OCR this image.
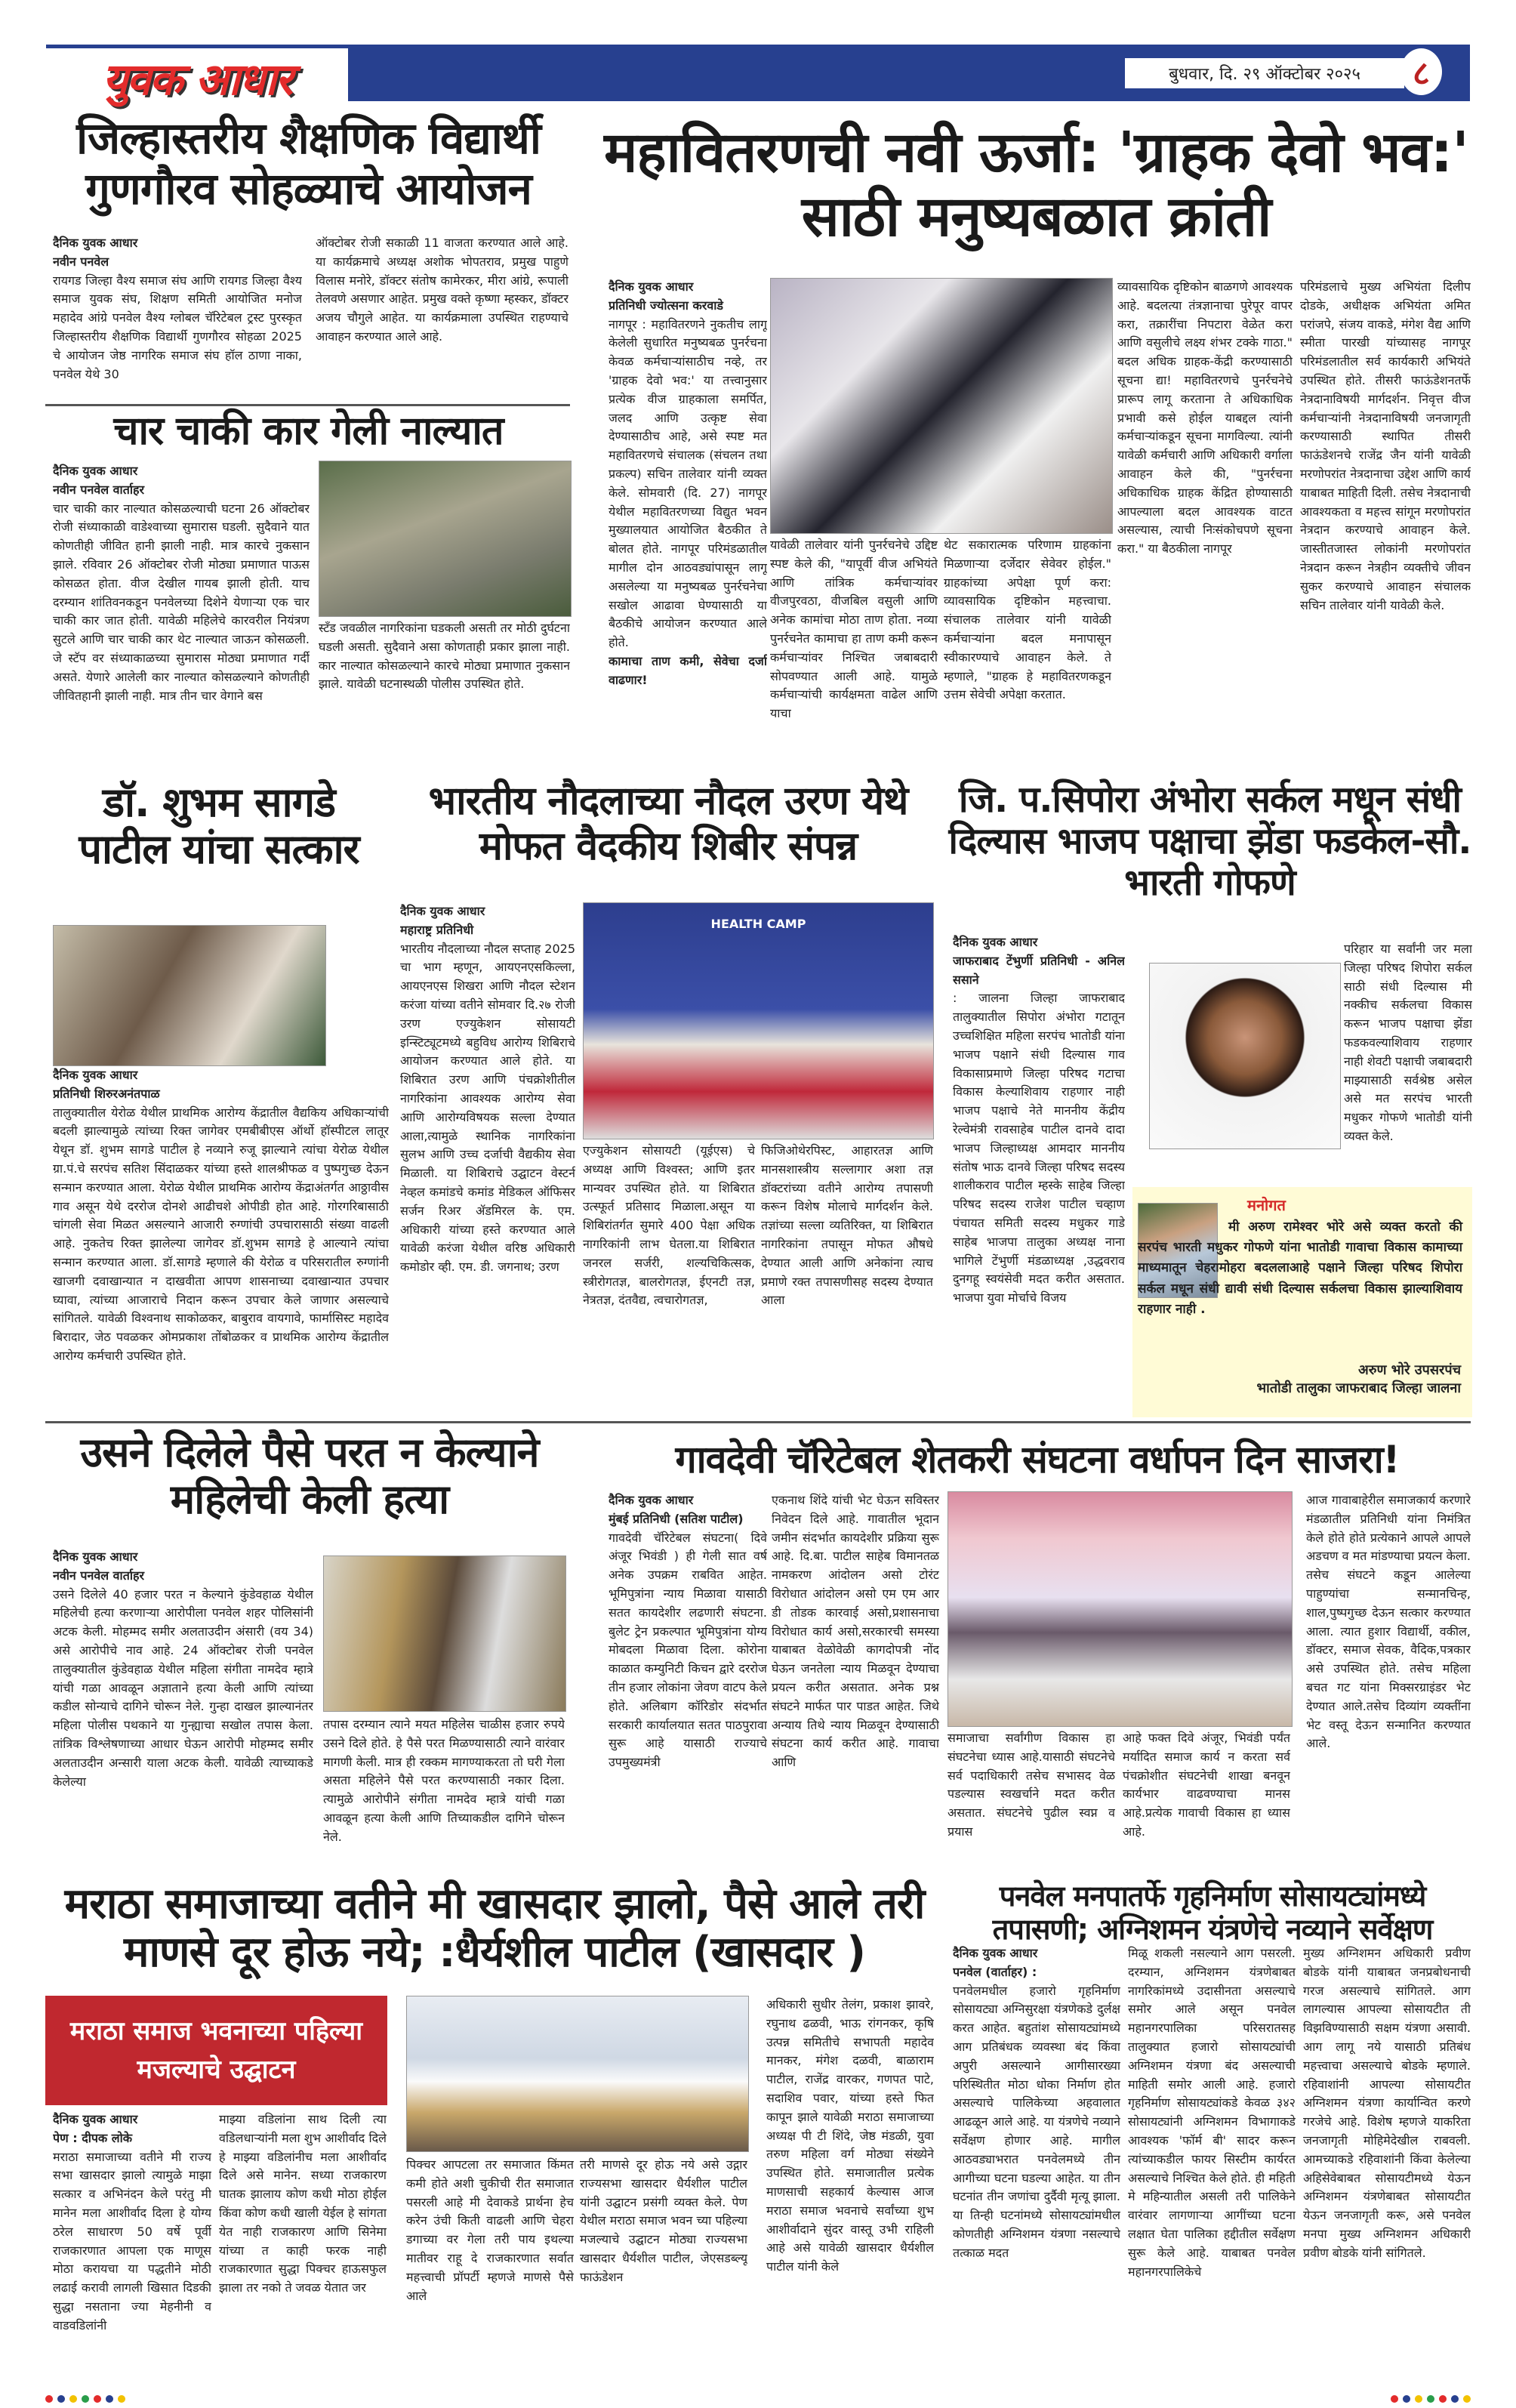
युवक आधार	बुधवार, दि. २९ ऑक्टोबर २०२५	८
जिल्हास्तरीय शैक्षणिक विद्यार्थी गुणगौरव सोहळ्याचे आयोजन
दैनिक युवक आधार
नवीन पनवेल
रायगड जिल्हा वैश्य समाज संघ आणि रायगड जिल्हा वैश्य समाज युवक संघ, शिक्षण समिती आयोजित मनोज महादेव आंग्रे पनवेल वैश्य ग्लोबल चॅरिटेबल ट्रस्ट पुरस्कृत जिल्हास्तरीय शैक्षणिक विद्यार्थी गुणगौरव सोहळा 2025 चे आयोजन जेष्ठ नागरिक समाज संघ हॉल ठाणा नाका, पनवेल येथे 30
ऑक्टोबर रोजी सकाळी 11 वाजता करण्यात आले आहे. या कार्यक्रमाचे अध्यक्ष अशोक भोपतराव, प्रमुख पाहुणे विलास मनोरे, डॉक्टर संतोष कामेरकर, मीरा आंग्रे, रूपाली तेलवणे असणार आहेत. प्रमुख वक्ते कृष्णा म्हस्कर, डॉक्टर अजय चौगुले आहेत. या कार्यक्रमाला उपस्थित राहण्याचे आवाहन करण्यात आले आहे.
चार चाकी कार गेली नाल्यात
दैनिक युवक आधार
नवीन पनवेल वार्ताहर
चार चाकी कार नाल्यात कोसळल्याची घटना 26 ऑक्टोबर रोजी संध्याकाळी वाडेश्वाच्या सुमारास घडली. सुदैवाने यात कोणतीही जीवित हानी झाली नाही. मात्र कारचे नुकसान झाले. रविवार 26 ऑक्टोबर रोजी मोठ्या प्रमाणात पाऊस कोसळत होता. वीज देखील गायब झाली होती. याच दरम्यान शांतिवनकडून पनवेलच्या दिशेने येणाऱ्या एक चार चाकी कार जात होती. यावेळी महिलेचे कारवरील नियंत्रण सुटले आणि चार चाकी कार थेट नाल्यात जाऊन कोसळली. जे स्टॅप वर संध्याकाळच्या सुमारास मोठ्या प्रमाणात गर्दी असते. येणारे आलेली कार नाल्यात कोसळल्याने कोणतीही जीवितहानी झाली नाही. मात्र तीन चार वेगाने बस
स्टँड जवळील नागरिकांना घडकली असती तर मोठी दुर्घटना घडली असती. सुदैवाने असा कोणताही प्रकार झाला नाही. कार नाल्यात कोसळल्याने कारचे मोठ्या प्रमाणात नुकसान झाले. यावेळी घटनास्थळी पोलीस उपस्थित होते.
महावितरणची नवी ऊर्जा: 'ग्राहक देवो भव:' साठी मनुष्यबळात क्रांती
दैनिक युवक आधार
प्रतिनिधी ज्योत्सना करवाडे
नागपूर : महावितरणने नुकतीच लागू केलेली सुधारित मनुष्यबळ पुनर्रचना केवळ कर्मचाऱ्यांसाठीच नव्हे, तर 'ग्राहक देवो भव:' या तत्त्वानुसार प्रत्येक वीज ग्राहकाला समर्पित, जलद आणि उत्कृष्ट सेवा देण्यासाठीच आहे, असे स्पष्ट मत महावितरणचे संचालक (संचलन तथा प्रकल्प) सचिन तालेवार यांनी व्यक्त केले. सोमवारी (दि. 27) नागपूर येथील महावितरणच्या विद्युत भवन मुख्यालयात आयोजित बैठकीत ते बोलत होते. नागपूर परिमंडळातील मागील दोन आठवड्यांपासून लागू असलेल्या या मनुष्यबळ पुनर्रचनेचा सखोल आढावा घेण्यासाठी या बैठकीचे आयोजन करण्यात आले होते.
कामाचा ताण कमी, सेवेचा दर्जा वाढणार!
यावेळी तालेवार यांनी पुनर्रचनेचे उद्दिष्ट स्पष्ट केले की, "यापूर्वी वीज अभियंते आणि तांत्रिक कर्मचाऱ्यांवर वीजपुरवठा, वीजबिल वसुली आणि अनेक कामांचा मोठा ताण होता. नव्या पुनर्रचनेत कामाचा हा ताण कमी करून कर्मचाऱ्यांवर निश्चित जबाबदारी सोपवण्यात आली आहे. यामुळे कर्मचाऱ्यांची कार्यक्षमता वाढेल आणि याचा
थेट सकारात्मक परिणाम ग्राहकांना मिळणाऱ्या दर्जेदार सेवेवर होईल." ग्राहकांच्या अपेक्षा पूर्ण करा: व्यावसायिक दृष्टिकोन महत्त्वाचा. संचालक तालेवार यांनी यावेळी कर्मचाऱ्यांना बदल मनापासून स्वीकारण्याचे आवाहन केले. ते म्हणाले, "ग्राहक हे महावितरणकडून उत्तम सेवेची अपेक्षा करतात.
व्यावसायिक दृष्टिकोन बाळगणे आवश्यक आहे. बदलत्या तंत्रज्ञानाचा पुरेपूर वापर करा, तक्रारींचा निपटारा वेळेत करा आणि वसुलीचे लक्ष्य शंभर टक्के गाठा." बदल अधिक ग्राहक-केंद्री करण्यासाठी सूचना द्या! महावितरणचे पुनर्रचनेचे प्रारूप लागू करताना ते अधिकाधिक प्रभावी कसे होईल याबद्दल त्यांनी कर्मचाऱ्यांकडून सूचना मागविल्या. त्यांनी यावेळी कर्मचारी आणि अधिकारी वर्गाला आवाहन केले की, "पुनर्रचना अधिकाधिक ग्राहक केंद्रित होण्यासाठी आपल्याला बदल आवश्यक वाटत असल्यास, त्याची निःसंकोचपणे सूचना करा." या बैठकीला नागपूर
परिमंडलाचे मुख्य अभियंता दिलीप दोडके, अधीक्षक अभियंता अमित परांजपे, संजय वाकडे, मंगेश वैद्य आणि स्मीता पारखी यांच्यासह नागपूर परिमंडलातील सर्व कार्यकारी अभियंते उपस्थित होते. तीसरी फाऊंडेशनतर्फे नेत्रदानाविषयी मार्गदर्शन. निवृत्त वीज कर्मचाऱ्यांनी नेत्रदानाविषयी जनजागृती करण्यासाठी स्थापित तीसरी फाऊंडेशनचे राजेंद्र जैन यांनी यावेळी मरणोपरांत नेत्रदानाचा उद्देश आणि कार्य याबाबत माहिती दिली. तसेच नेत्रदानाची आवश्यकता व महत्त्व सांगून मरणोपरांत नेत्रदान करण्याचे आवाहन केले. जास्तीतजास्त लोकांनी मरणोपरांत नेत्रदान करून नेत्रहीन व्यक्तीचे जीवन सुकर करण्याचे आवाहन संचालक सचिन तालेवार यांनी यावेळी केले.
डॉ. शुभम सागडे पाटील यांचा सत्कार
दैनिक युवक आधार
प्रतिनिधी शिरुरअनंतपाळ
तालुक्यातील येरोळ येथील प्राथमिक आरोग्य केंद्रातील वैद्यकिय अधिकाऱ्यांची बदली झाल्यामुळे त्यांच्या रिक्त जागेवर एमबीबीएस ऑर्थो हॉस्पीटल लातूर येथून डॉ. शुभम सागडे पाटील हे नव्याने रुजू झाल्याने त्यांचा येरोळ येथील ग्रा.पं.चे सरपंच सतिश सिंदाळकर यांच्या हस्ते शालश्रीफळ व पुष्पगुच्छ देऊन सन्मान करण्यात आला. येरोळ येथील प्राथमिक आरोग्य केंद्राअंतर्गत आठ्ठावीस गाव असून येथे दररोज दोनशे आढीचशे ओपीडी होत आहे. गोरगरिबासाठी चांगली सेवा मिळत असल्याने आजारी रुग्णांची उपचारासाठी संख्या वाढली आहे. नुकतेच रिक्त झालेल्या जागेवर डॉ.शुभम सागडे हे आल्याने त्यांचा सन्मान करण्यात आला. डॉ.सागडे म्हणाले की येरोळ व परिसरातील रुग्णांनी खाजगी दवाखान्यात न दाखवीता आपण शासनाच्या दवाखान्यात उपचार घ्यावा, त्यांच्या आजाराचे निदान करून उपचार केले जाणार असल्याचे सांगितले. यावेळी विश्वनाथ साकोळकर, बाबुराव वायगावे, फार्मासिस्ट महादेव बिरादार, जेठ पवळकर ओमप्रकाश तोंबोळकर व प्राथमिक आरोग्य केंद्रातील आरोग्य कर्मचारी उपस्थित होते.
भारतीय नौदलाच्या नौदल उरण येथे मोफत वैदकीय शिबीर संपन्न
दैनिक युवक आधार
महाराष्ट्र प्रतिनिधी
भारतीय नौदलाच्या नौदल सप्ताह 2025 चा भाग म्हणून, आयएनएसकिल्ला, आयएनएस शिखरा आणि नौदल स्टेशन करंजा यांच्या वतीने सोमवार दि.२७ रोजी उरण एज्युकेशन सोसायटी इन्स्टिट्यूटमध्ये बहुविध आरोग्य शिबिराचे आयोजन करण्यात आले होते. या शिबिरात उरण आणि पंचक्रोशीतील नागरिकांना आवश्यक आरोग्य सेवा आणि आरोग्यविषयक सल्ला देण्यात आला,त्यामुळे स्थानिक नागरिकांना सुलभ आणि उच्च दर्जाची वैद्यकीय सेवा मिळाली. या शिबिराचे उद्घाटन वेस्टर्न नेव्हल कमांडचे कमांड मेडिकल ऑफिसर सर्जन रिअर ॲडमिरल के. एम. अधिकारी यांच्या हस्ते करण्यात आले यावेळी करंजा येथील वरिष्ठ अधिकारी कमोडोर व्ही. एम. डी. जगनाथ; उरण
HEALTH CAMP
एज्युकेशन सोसायटी (यूईएस) चे अध्यक्ष आणि विश्वस्त; आणि इतर मान्यवर उपस्थित होते. या शिबिरात उत्स्फूर्त प्रतिसाद मिळाला.असून या शिबिरांतर्गत सुमारे 400 पेक्षा अधिक नागरिकांनी लाभ घेतला.या शिबिरात जनरल सर्जरी, शल्यचिकित्सक, स्त्रीरोगतज्ञ, बालरोगतज्ञ, ईएनटी तज्ञ, नेत्रतज्ञ, दंतवैद्य, त्वचारोगतज्ञ,
फिजिओथेरपिस्ट, आहारतज्ञ आणि मानसशास्त्रीय सल्लागार अशा तज्ञ डॉक्टरांच्या वतीने आरोग्य तपासणी करून विशेष मोलाचे मार्गदर्शन केले. तज्ञांच्या सल्ला व्यतिरिक्त, या शिबिरात नागरिकांना तपासून मोफत औषधे देण्यात आली आणि अनेकांना त्याच प्रमाणे रक्त तपासणीसह सदस्य देण्यात आला
जि. प.सिपोरा अंभोरा सर्कल मधून संधी दिल्यास भाजप पक्षाचा झेंडा फडकेल-सौ. भारती गोफणे
दैनिक युवक आधार
जाफराबाद टेंभुर्णी प्रतिनिधी - अनिल ससाने
: जालना जिल्हा जाफराबाद तालुक्यातील सिपोरा अंभोरा गटातून उच्चशिक्षित महिला सरपंच भातोडी यांना भाजप पक्षाने संधी दिल्यास गाव विकासाप्रमाणे जिल्हा परिषद गटाचा विकास केल्याशिवाय राहणार नाही भाजप पक्षाचे नेते माननीय केंद्रीय रेल्वेमंत्री रावसाहेब पाटील दानवे दादा भाजप जिल्हाध्यक्ष आमदार माननीय संतोष भाऊ दानवे जिल्हा परिषद सदस्य शालीकराव पाटील म्हस्के साहेब जिल्हा परिषद सदस्य राजेश पाटील चव्हाण पंचायत समिती सदस्य मधुकर गाडे साहेब भाजपा तालुका अध्यक्ष नाना भागिले टेंभुर्णी मंडळाध्यक्ष ,उद्धवराव दुनगहू स्वयंसेवी मदत करीत असतात. भाजपा युवा मोर्चाचे विजय
परिहार या सर्वांनी जर मला जिल्हा परिषद शिपोरा सर्कल साठी संधी दिल्यास मी नक्कीच सर्कलचा विकास करून भाजप पक्षाचा झेंडा फडकवल्याशिवाय राहणार नाही शेवटी पक्षाची जबाबदारी माझ्यासाठी सर्वश्रेष्ठ असेल असे मत सरपंच भारती मधुकर गोफणे भातोडी यांनी व्यक्त केले.
मनोगत
मी अरुण रामेश्वर भोरे असे व्यक्त करतो की सरपंच भारती मधुकर गोफणे यांना भातोडी गावाचा विकास कामाच्या माध्यमातून चेहरामोहरा बदललाआहे पक्षाने जिल्हा परिषद शिपोरा सर्कल मधून संधी द्यावी संधी दिल्यास सर्कलचा विकास झाल्याशिवाय राहणार नाही .
अरुण भोरे उपसरपंच
भातोडी तालुका जाफराबाद जिल्हा जालना
उसने दिलेले पैसे परत न केल्याने महिलेची केली हत्या
दैनिक युवक आधार
नवीन पनवेल वार्ताहर
उसने दिलेले 40 हजार परत न केल्याने कुंडेवहाळ येथील महिलेची हत्या करणाऱ्या आरोपीला पनवेल शहर पोलिसांनी अटक केली. मोहम्मद समीर अलताउदीन अंसारी (वय 34) असे आरोपीचे नाव आहे. 24 ऑक्टोबर रोजी पनवेल तालुक्यातील कुंडेवहाळ येथील महिला संगीता नामदेव म्हात्रे यांची गळा आवळून अज्ञाताने हत्या केली आणि त्यांच्या कडील सोन्याचे दागिने चोरून नेले. गुन्हा दाखल झाल्यानंतर महिला पोलीस पथकाने या गुन्ह्याचा सखोल तपास केला. तांत्रिक विश्लेषणाच्या आधार घेऊन आरोपी मोहम्मद समीर अलताउदीन अन्सारी याला अटक केली. यावेळी त्याच्याकडे केलेल्या
तपास दरम्यान त्याने मयत महिलेस चाळीस हजार रुपये उसने दिले होते. हे पैसे परत मिळण्यासाठी त्याने वारंवार मागणी केली. मात्र ही रक्कम मागण्याकरता तो घरी गेला असता महिलेने पैसे परत करण्यासाठी नकार दिला. त्यामुळे आरोपीने संगीता नामदेव म्हात्रे यांची गळा आवळून हत्या केली आणि तिच्याकडील दागिने चोरून नेले.
गावदेवी चॅरिटेबल शेतकरी संघटना वर्धापन दिन साजरा!
दैनिक युवक आधार
मुंबई प्रतिनिधी (सतिश पाटील)
गावदेवी चॅरिटेबल संघटना( दिवे अंजूर भिवंडी ) ही गेली सात वर्ष अनेक उपक्रम राबवित आहेत. भूमिपुत्रांना न्याय मिळावा यासाठी सतत कायदेशीर लढणारी संघटना. बुलेट ट्रेन प्रकल्पात भूमिपुत्रांना योग्य मोबदला मिळावा दिला. कोरोना काळात कम्युनिटी किचन द्वारे दररोज तीन हजार लोकांना जेवण वाटप केले होते. अलिबाग कॉरिडोर संदर्भात सरकारी कार्यालयात सतत पाठपुरावा सुरू आहे यासाठी राज्याचे उपमुख्यमंत्री
एकनाथ शिंदे यांची भेट घेऊन सविस्तर निवेदन दिले आहे. गावातील भूदान जमीन संदर्भात कायदेशीर प्रक्रिया सुरू आहे. दि.बा. पाटील साहेब विमानतळ नामकरण आंदोलन असो टोरंट विरोधात आंदोलन असो एम एम आर डी तोडक कारवाई असो,प्रशासनाचा विरोधात कार्य असो,सरकारची समस्या याबाबत वेळोवेळी कागदोपत्री नोंद घेऊन जनतेला न्याय मिळवून देण्याचा प्रयत्न करीत असतात. अनेक प्रश्न संघटने मार्फत पार पाडत आहेत. जिथे अन्याय तिथे न्याय मिळवून देण्यासाठी संघटना कार्य करीत आहे. गावाचा आणि
समाजाचा सर्वांगीण विकास हा संघटनेचा ध्यास आहे.यासाठी संघटनेचे सर्व पदाधिकारी तसेच सभासद वेळ पडल्यास स्वखर्चाने मदत करीत असतात. संघटनेचे पुढील स्वप्न व प्रयास
आहे फक्त दिवे अंजूर, भिवंडी पर्यंत मर्यादित समाज कार्य न करता सर्व पंचक्रोशीत संघटनेची शाखा बनवून कार्यभार वाढवण्याचा मानस आहे.प्रत्येक गावाची विकास हा ध्यास आहे.
आज गावाबाहेरील समाजकार्य करणारे मंडळातील प्रतिनिधी यांना निमंत्रित केले होते होते प्रत्येकाने आपले आपले अडचण व मत मांडण्याचा प्रयत्न केला. तसेच संघटने कडून आलेल्या पाहुण्यांचा सन्मानचिन्ह, शाल,पुष्पगुच्छ देऊन सत्कार करण्यात आला. त्यात हुशार विद्यार्थी, वकील, डॉक्टर, समाज सेवक, वैदिक,पत्रकार असे उपस्थित होते. तसेच महिला बचत गट यांना मिक्सरग्राइंडर भेट देण्यात आले.तसेच दिव्यांग व्यक्तींना भेट वस्तू देऊन सन्मानित करण्यात आले.
मराठा समाजाच्या वतीने मी खासदार झालो, पैसे आले तरी माणसे दूर होऊ नये; :धैर्यशील पाटील (खासदार )
मराठा समाज भवनाच्या पहिल्या मजल्याचे उद्घाटन
दैनिक युवक आधार
पेण : दीपक लोके
मराठा समाजाच्या वतीने मी राज्य सभा खासदार झालो त्यामुळे माझा सत्कार व अभिनंदन केले परंतु मी मानेन मला आशीर्वाद दिला हे योग्य ठरेल साधारण 50 वर्षे पूर्वी राजकारणात आपला एक माणूस मोठा करायचा या पद्धतीने मोठी लढाई करावी लागली खिसात दिडकी सुद्धा नसताना ज्या मेहनीनी व वाडवडिलांनी
माझ्या वडिलांना साथ दिली त्या वडिलधाऱ्यांनी मला शुभ आशीर्वाद दिले हे माझ्या वडिलांनीच मला आशीर्वाद दिले असे मानेन. सध्या राजकारण घातक झालाय कोण कधी मोठा होईल किंवा कोण कधी खाली येईल हे सांगता येत नाही राजकारण आणि सिनेमा यांच्या त काही फरक नाही राजकारणात सुद्धा पिक्चर हाऊसफुल झाला तर नको ते जवळ येतात जर
पिक्चर आपटला तर समाजात किंमत कमी होते अशी चुकीची रीत समाजात पसरली आहे मी देवाकडे प्रार्थना हेच करेन उंची किती वाढली आणि चेहरा डगाच्या वर गेला तरी पाय इथल्या मातीवर राहू दे राजकारणात सर्वात महत्त्वाची प्रॉपर्टी म्हणजे माणसे पैसे आले
तरी माणसे दूर होऊ नये असे उद्गार राज्यसभा खासदार धैर्यशील पाटील यांनी उद्घाटन प्रसंगी व्यक्त केले. पेण येथील मराठा समाज भवन च्या पहिल्या मजल्याचे उद्घाटन मोठ्या राज्यसभा खासदार धैर्यशील पाटील, जेएसडब्ल्यू फाऊंडेशन
अधिकारी सुधीर तेलंग, प्रकाश झावरे, रघुनाथ ढळवी, भाऊ रांगनकर, कृषि उत्पन्न समितीचे सभापती महादेव मानकर, मंगेश दळवी, बाळाराम पाटील, राजेंद्र वारकर, गणपत पाटे, सदाशिव पवार, यांच्या हस्ते फित कापून झाले यावेळी मराठा समाजाच्या अध्यक्ष पी टी शिंदे, जेष्ठ मंडळी, युवा तरुण महिला वर्ग मोठ्या संख्येने उपस्थित होते. समाजातील प्रत्येक माणसाची सहकार्य केल्यास आज मराठा समाज भवनाचे सर्वांच्या शुभ आशीर्वादाने सुंदर वास्तू उभी राहिली आहे असे यावेळी खासदार धैर्यशील पाटील यांनी केले
पनवेल मनपातर्फे गृहनिर्माण सोसायट्यांमध्ये तपासणी; अग्निशमन यंत्रणेचे नव्याने सर्वेक्षण
दैनिक युवक आधार
पनवेल (वार्ताहर) :
पनवेलमधील हजारो गृहनिर्माण सोसायट्या अग्निसुरक्षा यंत्रणेकडे दुर्लक्ष करत आहेत. बहुतांश सोसायट्यांमध्ये आग प्रतिबंधक व्यवस्था बंद किंवा अपुरी असल्याने आगीसारख्या परिस्थितीत मोठा धोका निर्माण होत असल्याचे पालिकेच्या अहवालात आढळून आले आहे. या यंत्रणेचे नव्याने सर्वेक्षण होणार आहे. मागील आठवड्याभरात पनवेलमध्ये तीन आगीच्या घटना घडल्या आहेत. या तीन घटनांत तीन जणांचा दुर्दैवी मृत्यू झाला. या तिन्ही घटनांमध्ये सोसायट्यांमधील कोणतीही अग्निशमन यंत्रणा नसल्याचे तत्काळ मदत
मिळू शकली नसल्याने आग पसरली. दरम्यान, अग्निशमन यंत्रणेबाबत नागरिकांमध्ये उदासीनता असल्याचे समोर आले असून पनवेल महानगरपालिका परिसरातसह तालुक्यात हजारो सोसायट्यांची अग्निशमन यंत्रणा बंद असल्याची माहिती समोर आली आहे. हजारो गृहनिर्माण सोसायट्यांकडे केवळ ३४२ सोसायट्यांनी अग्निशमन विभागाकडे आवश्यक 'फॉर्म बी' सादर करून त्यांच्याकडील फायर सिस्टीम कार्यरत असल्याचे निश्चित केले होते. ही महिती मे महिन्यातील असली तरी पालिकेने वारंवार लागणाऱ्या आगींच्या घटना लक्षात घेता पालिका हद्दीतील सर्वेक्षण सुरू केले आहे. याबाबत पनवेल महानगरपालिकेचे
मुख्य अग्निशमन अधिकारी प्रवीण बोडके यांनी याबाबत जनप्रबोधनाची गरज असल्याचे सांगितले. आग लागल्यास आपल्या सोसायटीत ती विझविण्यासाठी सक्षम यंत्रणा असावी. आग लागू नये यासाठी प्रतिबंध महत्त्वाचा असल्याचे बोडके म्हणाले. रहिवाशांनी आपल्या सोसायटीत अग्निशमन यंत्रणा कार्यान्वित करणे गरजेचे आहे. विशेष म्हणजे याकरिता जनजागृती मोहिमेदेखील राबवली. आमच्याकडे रहिवाशांनी किंवा केलेल्या अहिसेवेबाबत सोसायटीमध्ये येऊन अग्निशमन यंत्रणेबाबत सोसायटीत येऊन जनजागृती करू, असे पनवेल मनपा मुख्य अग्निशमन अधिकारी प्रवीण बोडके यांनी सांगितले.
